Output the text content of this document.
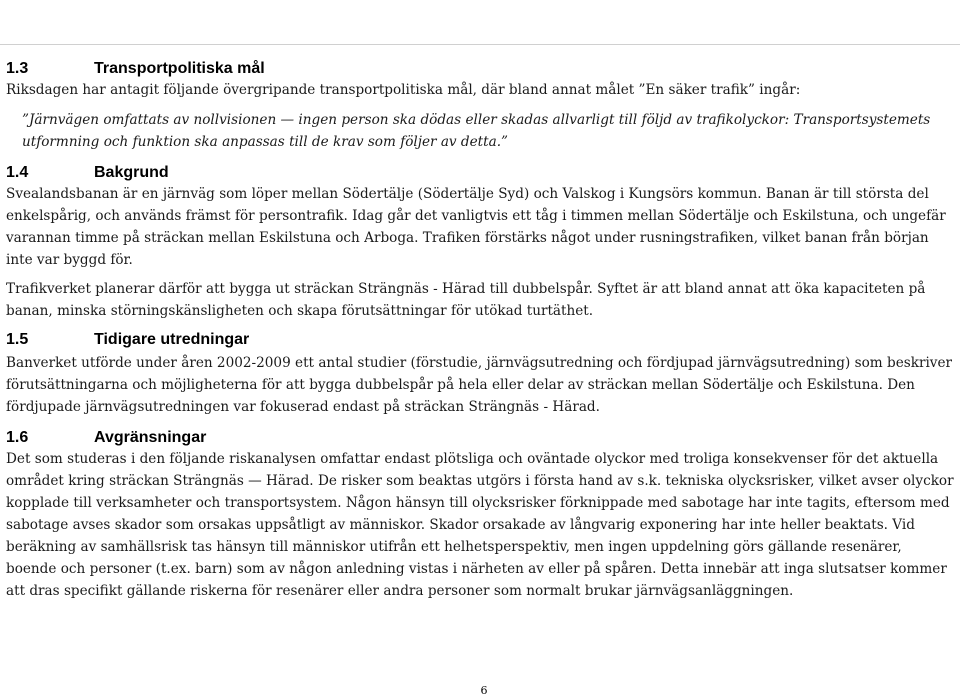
1.3	Transportpolitiska mål

Riksdagen har antagit följande övergripande transportpolitiska mål, där bland annat målet ”En säker trafik” ingår:

”Järnvägen omfattats av nollvisionen — ingen person ska dödas eller skadas allvarligt till följd av trafikolyckor: Transportsystemets utformning och funktion ska anpassas till de krav som följer av detta.”

1.4	Bakgrund

Svealandsbanan är en järnväg som löper mellan Södertälje (Södertälje Syd) och Valskog i Kungsörs kommun. Banan är till största del enkelspårig, och används främst för persontrafik. Idag går det vanligtvis ett tåg i timmen mellan Södertälje och Eskilstuna, och ungefär varannan timme på sträckan mellan Eskilstuna och Arboga. Trafiken förstärks något under rusningstrafiken, vilket banan från början inte var byggd för.

Trafikverket planerar därför att bygga ut sträckan Strängnäs - Härad till dubbelspår. Syftet är att bland annat att öka kapaciteten på banan, minska störningskänsligheten och skapa förutsättningar för utökad turtäthet.

1.5	Tidigare utredningar

Banverket utförde under åren 2002-2009 ett antal studier (förstudie, järnvägsutredning och fördjupad järnvägsutredning) som beskriver förutsättningarna och möjligheterna för att bygga dubbelspår på hela eller delar av sträckan mellan Södertälje och Eskilstuna. Den fördjupade järnvägsutredningen var fokuserad endast på sträckan Strängnäs - Härad.

1.6	Avgränsningar

Det som studeras i den följande riskanalysen omfattar endast plötsliga och oväntade olyckor med troliga konsekvenser för det aktuella området kring sträckan Strängnäs — Härad. De risker som beaktas utgörs i första hand av s.k. tekniska olycksrisker, vilket avser olyckor kopplade till verksamheter och transportsystem. Någon hänsyn till olycksrisker förknippade med sabotage har inte tagits, eftersom med sabotage avses skador som orsakas uppsåtligt av människor. Skador orsakade av långvarig exponering har inte heller beaktats. Vid beräkning av samhällsrisk tas hänsyn till människor utifrån ett helhetsperspektiv, men ingen uppdelning görs gällande resenärer, boende och personer (t.ex. barn) som av någon anledning vistas i närheten av eller på spåren. Detta innebär att inga slutsatser kommer att dras specifikt gällande riskerna för resenärer eller andra personer som normalt brukar järnvägsanläggningen.

6
